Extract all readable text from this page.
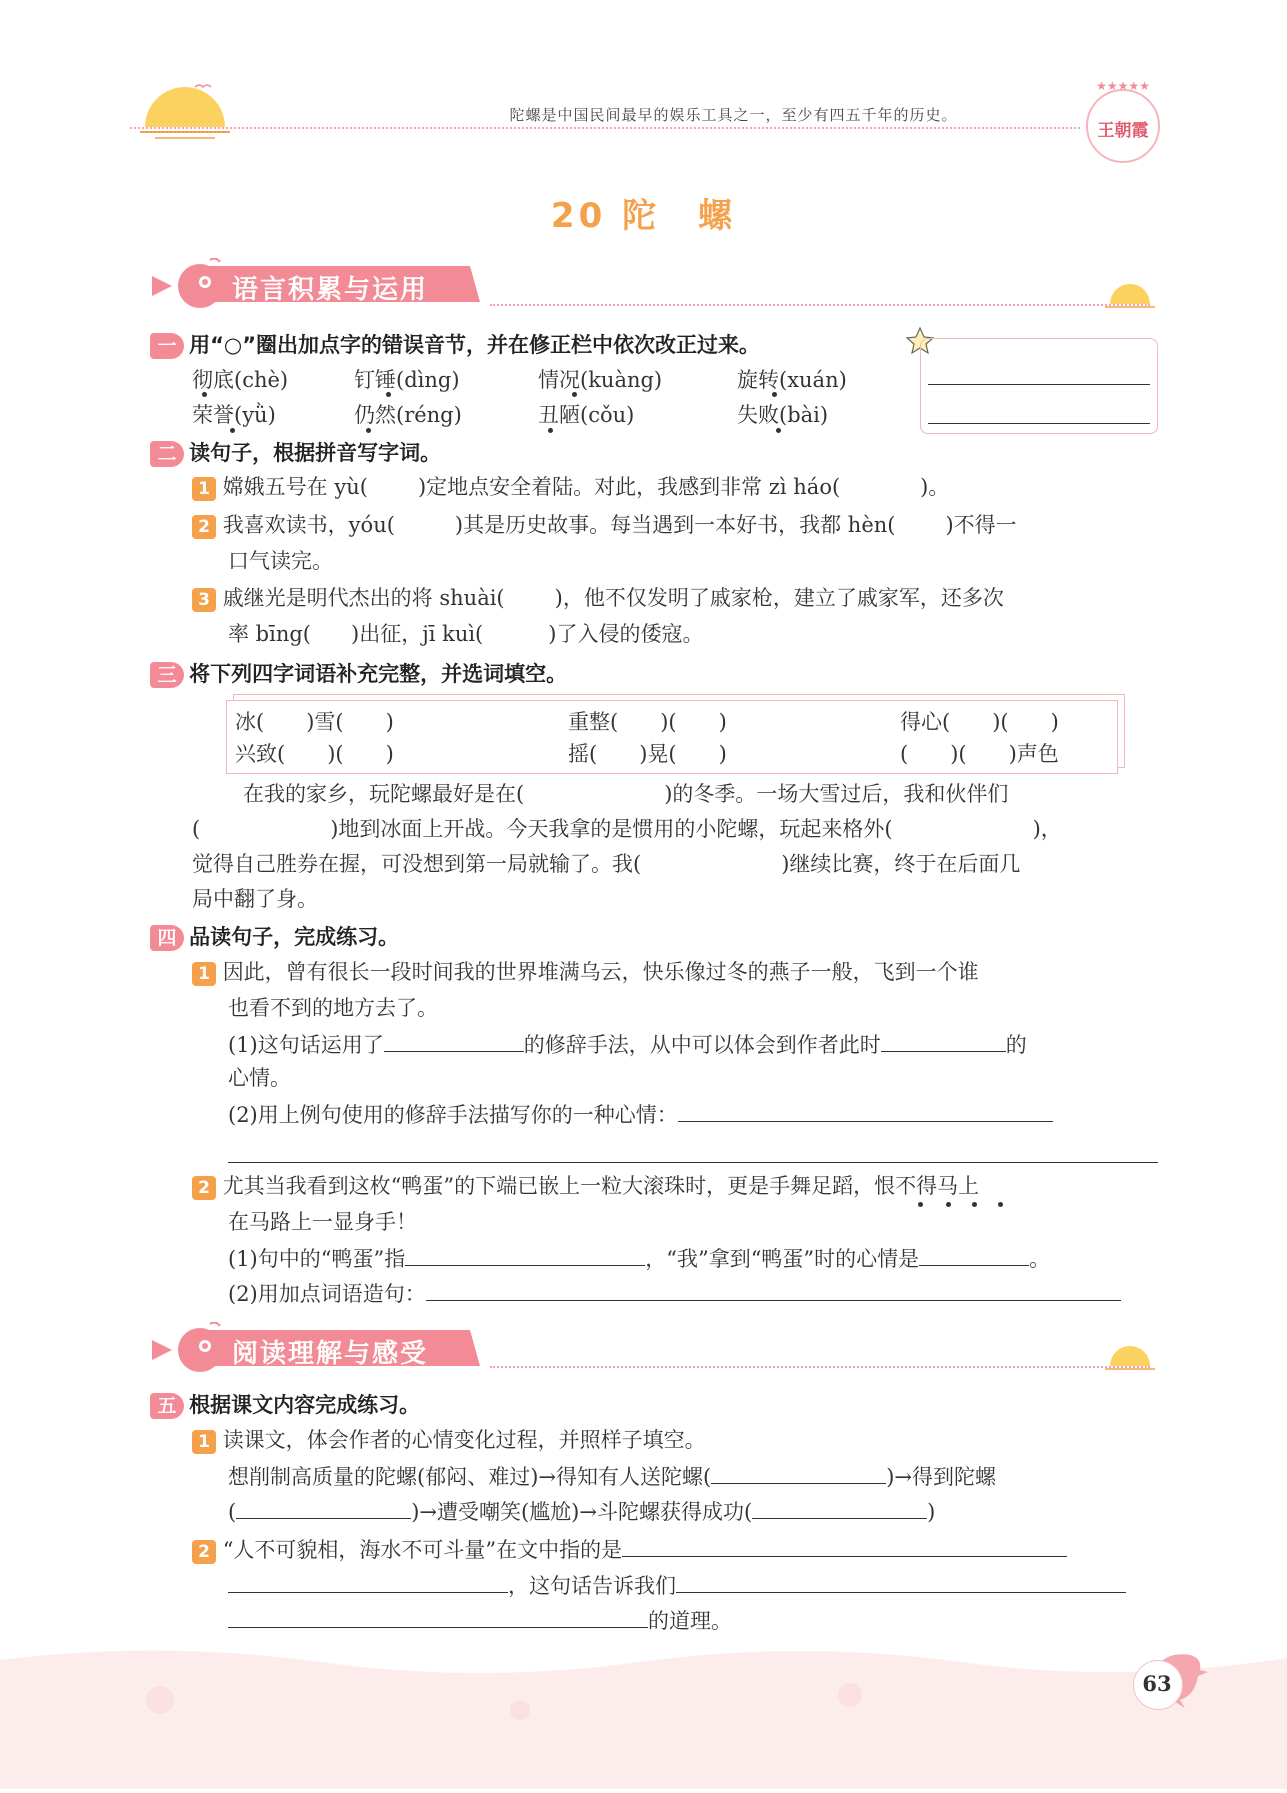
陀螺是中国民间最早的娱乐工具之一，至少有四五千年的历史。
★★★★★
王朝霞
20 陀　螺
语言积累与运用
一 用“○”圈出加点字的错误音节，并在修正栏中依次改正过来。
彻底(chè)	钉锤(dìng)	情况(kuàng)	旋转(xuán)
荣誉(yǜ)	仍然(réng)	丑陋(cǒu)	失败(bài)
二 读句子，根据拼音写字词。
1 嫦娥五号在 yù( )定地点安全着陆。对此，我感到非常 zì háo(	)。
2 我喜欢读书，yóu(	)其是历史故事。每当遇到一本好书，我都 hèn( )不得一
口气读完。
3 戚继光是明代杰出的将 shuài( )，他不仅发明了戚家枪，建立了戚家军，还多次
率 bīng( )出征，jī kuì(	)了入侵的倭寇。
三 将下列四字词语补充完整，并选词填空。
冰(　　)雪(　　)	重整(　　)(　　)	得心(　　)(　　)
兴致(　　)(　　)	摇(　　)晃(　　)	(　　)(　　)声色
在我的家乡，玩陀螺最好是在(	)的冬季。一场大雪过后，我和伙伴们
(	)地到冰面上开战。今天我拿的是惯用的小陀螺，玩起来格外(	)，
觉得自己胜券在握，可没想到第一局就输了。我(	)继续比赛，终于在后面几
局中翻了身。
四 品读句子，完成练习。
1 因此，曾有很长一段时间我的世界堆满乌云，快乐像过冬的燕子一般，飞到一个谁
也看不到的地方去了。
(1)这句话运用了	的修辞手法，从中可以体会到作者此时	的
心情。
(2)用上例句使用的修辞手法描写你的一种心情：
2 尤其当我看到这枚“鸭蛋”的下端已嵌上一粒大滚珠时，更是手舞足蹈，恨不得马上
在马路上一显身手！
(1)句中的“鸭蛋”指	，“我”拿到“鸭蛋”时的心情是	。
(2)用加点词语造句：
阅读理解与感受
五 根据课文内容完成练习。
1 读课文，体会作者的心情变化过程，并照样子填空。
想削制高质量的陀螺(郁闷、难过)→得知有人送陀螺(	)→得到陀螺
(	)→遭受嘲笑(尴尬)→斗陀螺获得成功(	)
2 “人不可貌相，海水不可斗量”在文中指的是
，这句话告诉我们
的道理。
63
